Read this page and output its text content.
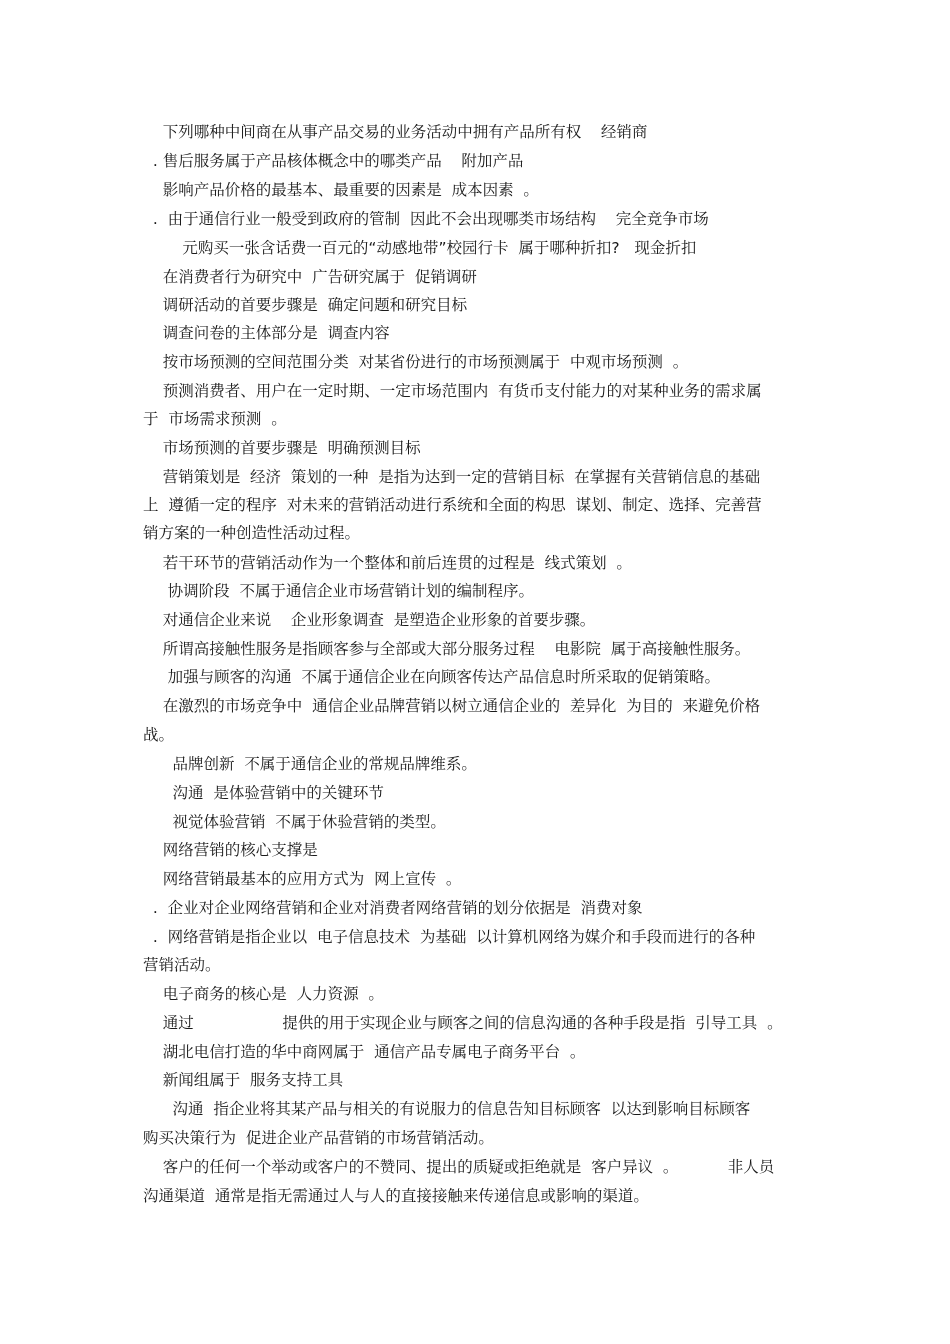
下列哪种中间商在从事产品交易的业务活动中拥有产品所有权    经销商

. 售后服务属于产品核体概念中的哪类产品    附加产品

影响产品价格的最基本、最重要的因素是  成本因素  。

.  由于通信行业一般受到政府的管制  因此不会出现哪类市场结构    完全竞争市场

元购买一张含话费一百元的“动感地带”校园行卡  属于哪种折扣?   现金折扣

在消费者行为研究中  广告研究属于  促销调研

调研活动的首要步骤是  确定问题和研究目标

调查问卷的主体部分是  调查内容

按市场预测的空间范围分类  对某省份进行的市场预测属于  中观市场预测  。

预测消费者、用户在一定时期、一定市场范围内  有货币支付能力的对某种业务的需求属

于  市场需求预测  。

市场预测的首要步骤是  明确预测目标

营销策划是  经济  策划的一种  是指为达到一定的营销目标  在掌握有关营销信息的基础

上  遵循一定的程序  对未来的营销活动进行系统和全面的构思  谋划、制定、选择、完善营

销方案的一种创造性活动过程。

若干环节的营销活动作为一个整体和前后连贯的过程是  线式策划  。

协调阶段  不属于通信企业市场营销计划的编制程序。

对通信企业来说    企业形象调查  是塑造企业形象的首要步骤。

所谓高接触性服务是指顾客参与全部或大部分服务过程    电影院  属于高接触性服务。

加强与顾客的沟通  不属于通信企业在向顾客传达产品信息时所采取的促销策略。

在激烈的市场竞争中  通信企业品牌营销以树立通信企业的  差异化  为目的  来避免价格

战。

品牌创新  不属于通信企业的常规品牌维系。

沟通  是体验营销中的关键环节

视觉体验营销  不属于休验营销的类型。

网络营销的核心支撑是

网络营销最基本的应用方式为  网上宣传  。

.  企业对企业网络营销和企业对消费者网络营销的划分依据是  消费对象

.  网络营销是指企业以  电子信息技术  为基础  以计算机网络为媒介和手段而进行的各种

营销活动。

电子商务的核心是  人力资源  。

通过                  提供的用于实现企业与顾客之间的信息沟通的各种手段是指  引导工具  。

湖北电信打造的华中商网属于  通信产品专属电子商务平台  。

新闻组属于  服务支持工具

沟通  指企业将其某产品与相关的有说服力的信息告知目标顾客  以达到影响目标顾客

购买决策行为  促进企业产品营销的市场营销活动。

客户的任何一个举动或客户的不赞同、提出的质疑或拒绝就是  客户异议  。          非人员

沟通渠道  通常是指无需通过人与人的直接接触来传递信息或影响的渠道。
